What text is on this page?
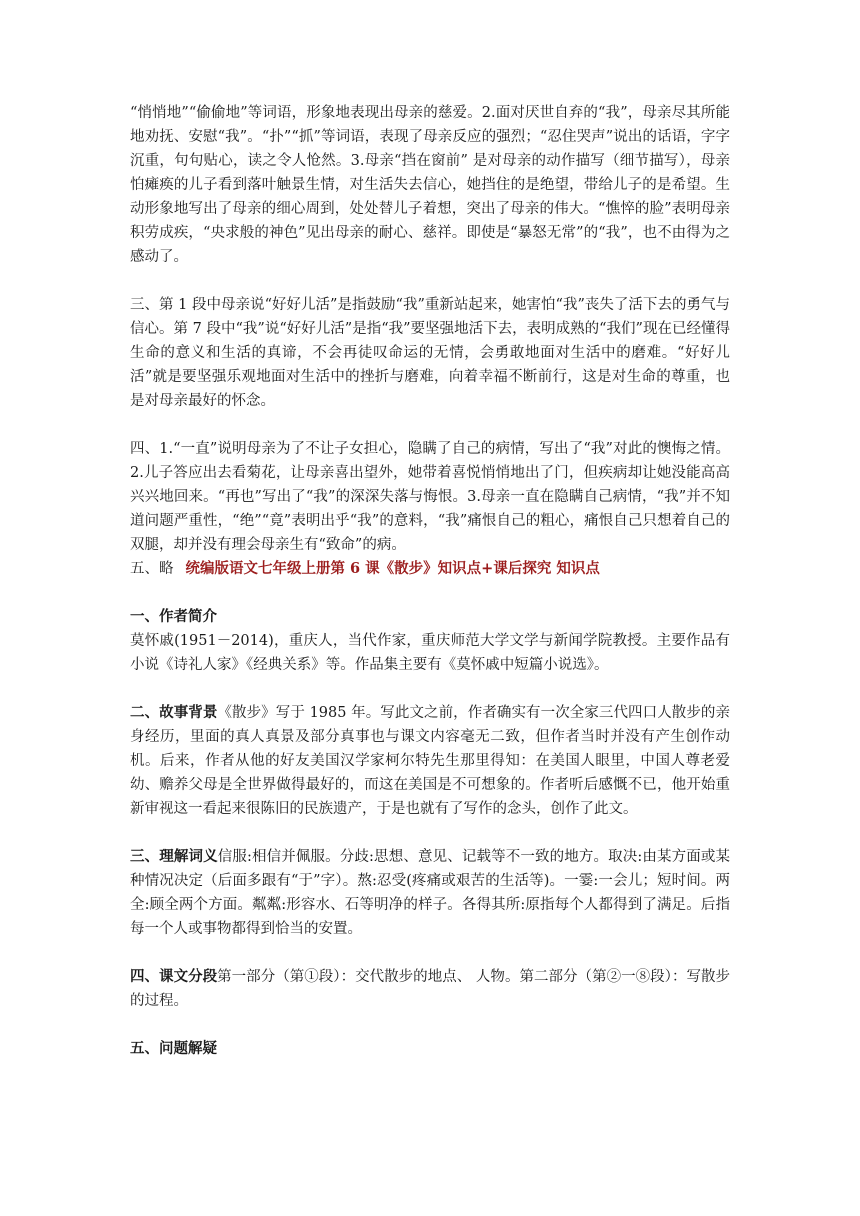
“悄悄地”“偷偷地”等词语，形象地表现出母亲的慈爱。2.面对厌世自弃的“我”，母亲尽其所能地劝抚、安慰“我”。“扑”“抓”等词语，表现了母亲反应的强烈；“忍住哭声”说出的话语，字字沉重，句句贴心，读之令人怆然。3.母亲“挡在窗前” 是对母亲的动作描写（细节描写），母亲怕瘫痪的儿子看到落叶触景生情，对生活失去信心，她挡住的是绝望，带给儿子的是希望。生动形象地写出了母亲的细心周到，处处替儿子着想，突出了母亲的伟大。“憔悴的脸”表明母亲积劳成疾，“央求般的神色”见出母亲的耐心、慈祥。即使是“暴怒无常”的“我”，也不由得为之感动了。

三、第 1 段中母亲说“好好儿活”是指鼓励“我”重新站起来，她害怕“我”丧失了活下去的勇气与信心。第 7 段中“我”说“好好儿活”是指“我”要坚强地活下去，表明成熟的“我们”现在已经懂得生命的意义和生活的真谛，不会再徒叹命运的无情，会勇敢地面对生活中的磨难。“好好儿活”就是要坚强乐观地面对生活中的挫折与磨难，向着幸福不断前行，这是对生命的尊重，也是对母亲最好的怀念。

四、1.“一直”说明母亲为了不让子女担心，隐瞒了自己的病情，写出了“我”对此的懊悔之情。2.儿子答应出去看菊花，让母亲喜出望外，她带着喜悦悄悄地出了门，但疾病却让她没能高高兴兴地回来。“再也”写出了“我”的深深失落与悔恨。3.母亲一直在隐瞒自己病情，“我”并不知道问题严重性，“绝”“竟”表明出乎“我”的意料，“我”痛恨自己的粗心，痛恨自己只想着自己的双腿，却并没有理会母亲生有“致命”的病。

五、略 统编版语文七年级上册第 6 课《散步》知识点+课后探究 知识点

一、作者简介

莫怀戚(1951－2014)，重庆人，当代作家，重庆师范大学文学与新闻学院教授。主要作品有小说《诗礼人家》《经典关系》等。作品集主要有《莫怀戚中短篇小说选》。

二、故事背景《散步》写于 1985 年。写此文之前，作者确实有一次全家三代四口人散步的亲身经历，里面的真人真景及部分真事也与课文内容毫无二致，但作者当时并没有产生创作动机。后来，作者从他的好友美国汉学家柯尔特先生那里得知：在美国人眼里，中国人尊老爱幼、赡养父母是全世界做得最好的，而这在美国是不可想象的。作者听后感慨不已，他开始重新审视这一看起来很陈旧的民族遗产，于是也就有了写作的念头，创作了此文。

三、理解词义信服:相信并佩服。分歧:思想、意见、记载等不一致的地方。取决:由某方面或某种情况决定（后面多跟有“于”字）。熬:忍受(疼痛或艰苦的生活等)。一霎:一会儿；短时间。两全:顾全两个方面。粼粼:形容水、石等明净的样子。各得其所:原指每个人都得到了满足。后指每一个人或事物都得到恰当的安置。

四、课文分段第一部分（第①段）：交代散步的地点、 人物。第二部分（第②一⑧段）：写散步的过程。

五、问题解疑
